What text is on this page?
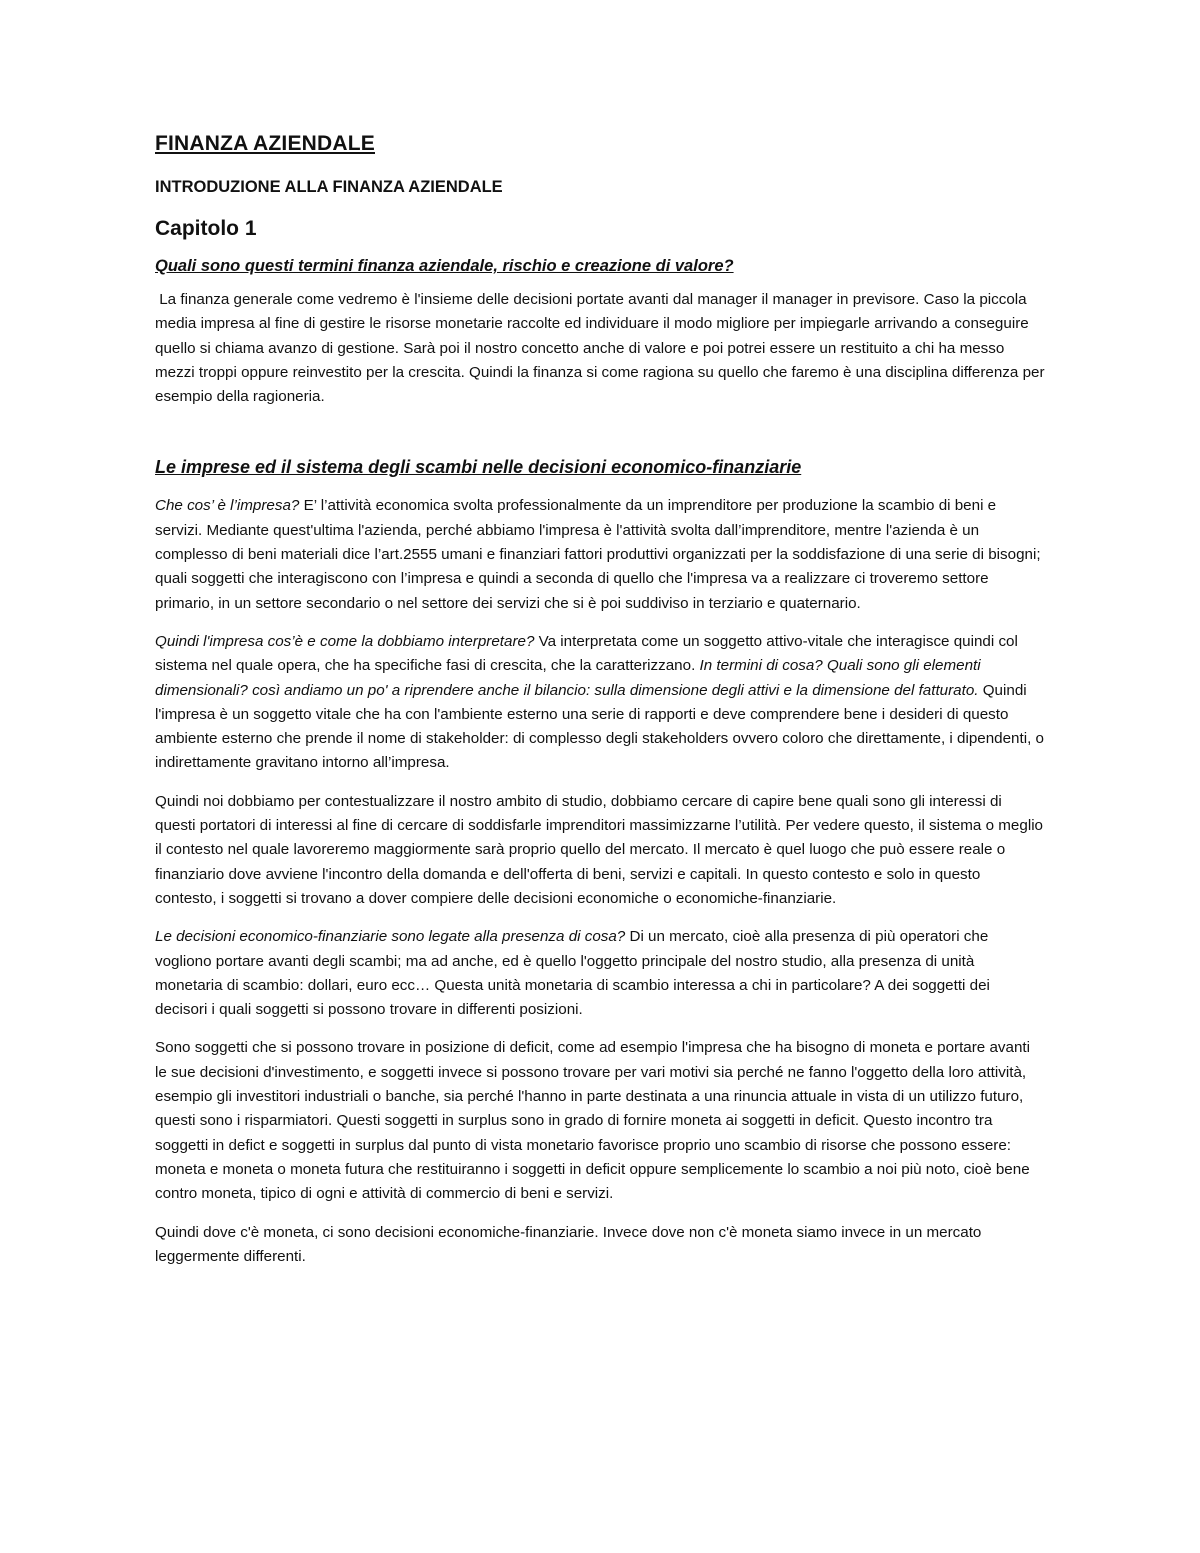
FINANZA AZIENDALE
INTRODUZIONE ALLA FINANZA AZIENDALE
Capitolo 1
Quali sono questi termini finanza aziendale, rischio e creazione di valore?

La finanza generale come vedremo è l'insieme delle decisioni portate avanti dal manager il manager in previsore. Caso la piccola media impresa al fine di gestire le risorse monetarie raccolte ed individuare il modo migliore per impiegarle arrivando a conseguire quello si chiama avanzo di gestione. Sarà poi il nostro concetto anche di valore e poi potrei essere un restituito a chi ha messo mezzi troppi oppure reinvestito per la crescita. Quindi la finanza si come ragiona su quello che faremo è una disciplina differenza per esempio della ragioneria.

Le imprese ed il sistema degli scambi nelle decisioni economico-finanziarie

Che cos’ è l’impresa? E’ l’attività economica svolta professionalmente da un imprenditore per produzione la scambio di beni e servizi. Mediante quest'ultima l'azienda, perché abbiamo l'impresa è l'attività svolta dall’imprenditore, mentre l'azienda è un complesso di beni materiali dice l’art.2555 umani e finanziari fattori produttivi organizzati per la soddisfazione di una serie di bisogni; quali soggetti che interagiscono con l’impresa e quindi a seconda di quello che l'impresa va a realizzare ci troveremo settore primario, in un settore secondario o nel settore dei servizi che si è poi suddiviso in terziario e quaternario.

Quindi l'impresa cos’è e come la dobbiamo interpretare? Va interpretata come un soggetto attivo-vitale che interagisce quindi col sistema nel quale opera, che ha specifiche fasi di crescita, che la caratterizzano. In termini di cosa? Quali sono gli elementi dimensionali? così andiamo un po' a riprendere anche il bilancio: sulla dimensione degli attivi e la dimensione del fatturato. Quindi l'impresa è un soggetto vitale che ha con l'ambiente esterno una serie di rapporti e deve comprendere bene i desideri di questo ambiente esterno che prende il nome di stakeholder: di complesso degli stakeholders ovvero coloro che direttamente, i dipendenti, o indirettamente gravitano intorno all’impresa.

Quindi noi dobbiamo per contestualizzare il nostro ambito di studio, dobbiamo cercare di capire bene quali sono gli interessi di questi portatori di interessi al fine di cercare di soddisfarle imprenditori massimizzarne l’utilità. Per vedere questo, il sistema o meglio il contesto nel quale lavoreremo maggiormente sarà proprio quello del mercato. Il mercato è quel luogo che può essere reale o finanziario dove avviene l'incontro della domanda e dell'offerta di beni, servizi e capitali. In questo contesto e solo in questo contesto, i soggetti si trovano a dover compiere delle decisioni economiche o economiche-finanziarie.

Le decisioni economico-finanziarie sono legate alla presenza di cosa? Di un mercato, cioè alla presenza di più operatori che vogliono portare avanti degli scambi; ma ad anche, ed è quello l'oggetto principale del nostro studio, alla presenza di unità monetaria di scambio: dollari, euro ecc… Questa unità monetaria di scambio interessa a chi in particolare? A dei soggetti dei decisori i quali soggetti si possono trovare in differenti posizioni.

Sono soggetti che si possono trovare in posizione di deficit, come ad esempio l'impresa che ha bisogno di moneta e portare avanti le sue decisioni d'investimento, e soggetti invece si possono trovare per vari motivi sia perché ne fanno l'oggetto della loro attività, esempio gli investitori industriali o banche, sia perché l'hanno in parte destinata a una rinuncia attuale in vista di un utilizzo futuro, questi sono i risparmiatori. Questi soggetti in surplus sono in grado di fornire moneta ai soggetti in deficit. Questo incontro tra soggetti in defict e soggetti in surplus dal punto di vista monetario favorisce proprio uno scambio di risorse che possono essere: moneta e moneta o moneta futura che restituiranno i soggetti in deficit oppure semplicemente lo scambio a noi più noto, cioè bene contro moneta, tipico di ogni e attività di commercio di beni e servizi.

Quindi dove c'è moneta, ci sono decisioni economiche-finanziarie. Invece dove non c'è moneta siamo invece in un mercato leggermente differenti.
